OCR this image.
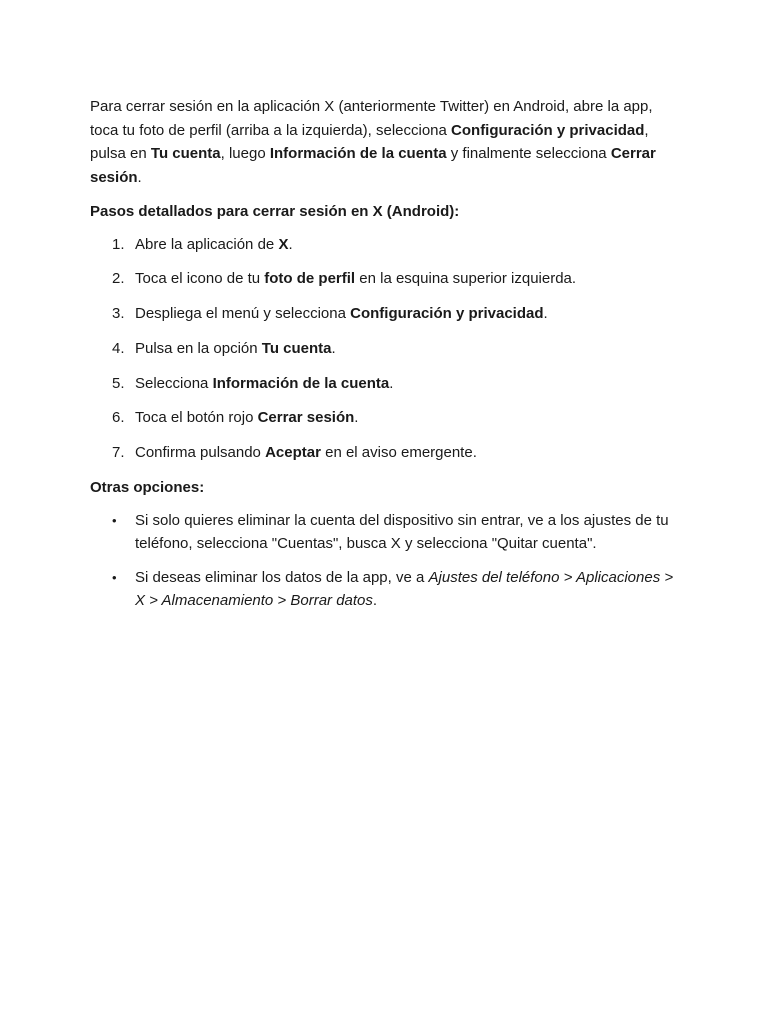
Para cerrar sesión en la aplicación X (anteriormente Twitter) en Android, abre la app, toca tu foto de perfil (arriba a la izquierda), selecciona Configuración y privacidad, pulsa en Tu cuenta, luego Información de la cuenta y finalmente selecciona Cerrar sesión.

Pasos detallados para cerrar sesión en X (Android):

1. Abre la aplicación de X.
2. Toca el icono de tu foto de perfil en la esquina superior izquierda.
3. Despliega el menú y selecciona Configuración y privacidad.
4. Pulsa en la opción Tu cuenta.
5. Selecciona Información de la cuenta.
6. Toca el botón rojo Cerrar sesión.
7. Confirma pulsando Aceptar en el aviso emergente.

Otras opciones:

• Si solo quieres eliminar la cuenta del dispositivo sin entrar, ve a los ajustes de tu teléfono, selecciona "Cuentas", busca X y selecciona "Quitar cuenta".
• Si deseas eliminar los datos de la app, ve a Ajustes del teléfono > Aplicaciones > X > Almacenamiento > Borrar datos.
